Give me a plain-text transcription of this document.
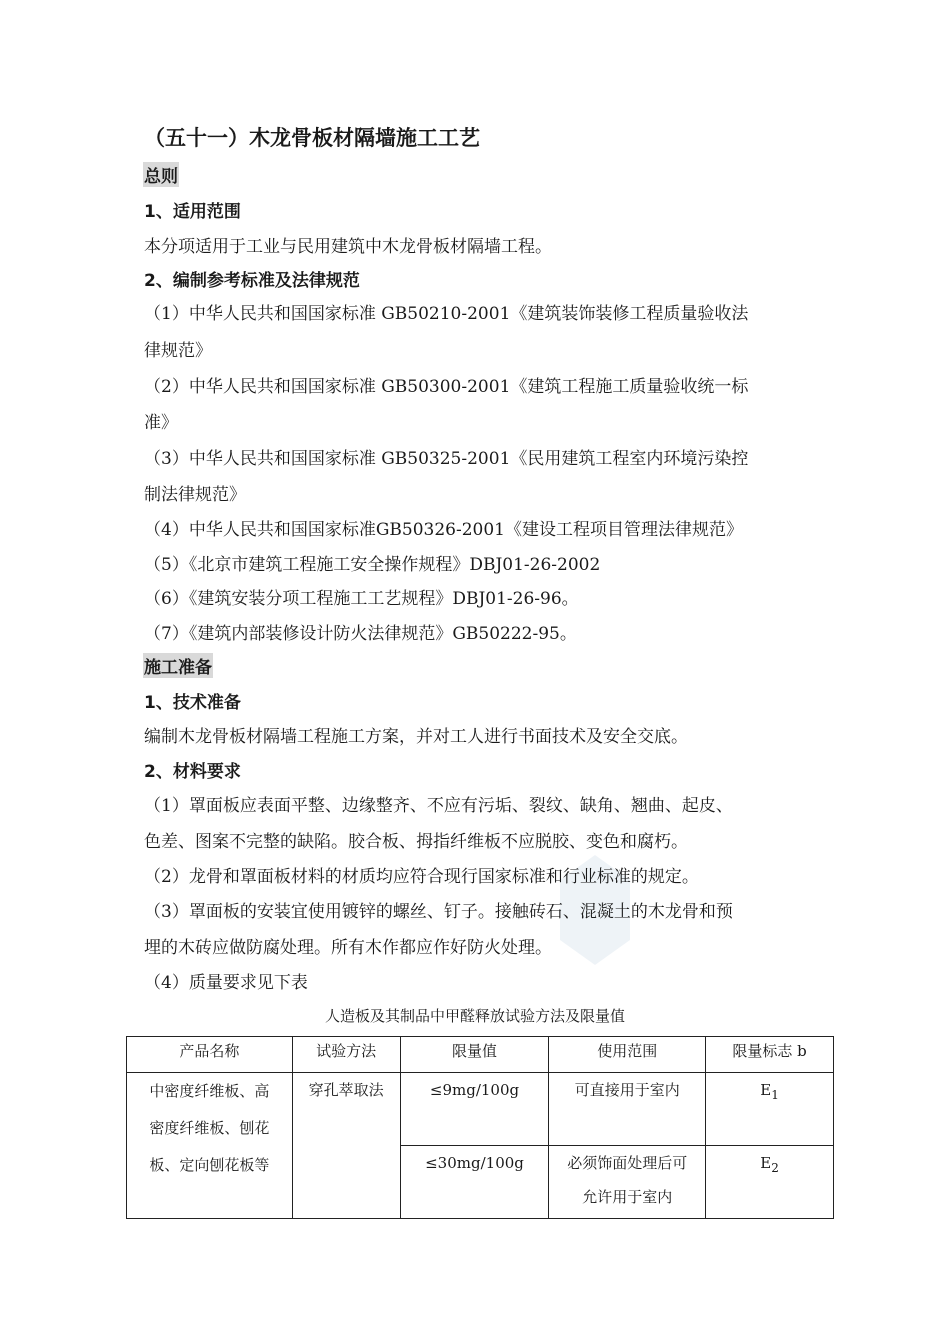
（五十一）木龙骨板材隔墙施工工艺
总则
1、适用范围
本分项适用于工业与民用建筑中木龙骨板材隔墙工程。
2、编制参考标准及法律规范
（1）中华人民共和国国家标准 GB50210-2001《建筑装饰装修工程质量验收法
律规范》
（2）中华人民共和国国家标准 GB50300-2001《建筑工程施工质量验收统一标
准》
（3）中华人民共和国国家标准 GB50325-2001《民用建筑工程室内环境污染控
制法律规范》
（4）中华人民共和国国家标准GB50326-2001《建设工程项目管理法律规范》
（5）《北京市建筑工程施工安全操作规程》DBJ01-26-2002
（6）《建筑安装分项工程施工工艺规程》DBJ01-26-96。
（7）《建筑内部装修设计防火法律规范》GB50222-95。
施工准备
1、技术准备
编制木龙骨板材隔墙工程施工方案，并对工人进行书面技术及安全交底。
2、材料要求
（1）罩面板应表面平整、边缘整齐、不应有污垢、裂纹、缺角、翘曲、起皮、
色差、图案不完整的缺陷。胶合板、拇指纤维板不应脱胶、变色和腐朽。
（2）龙骨和罩面板材料的材质均应符合现行国家标准和行业标准的规定。
（3）罩面板的安装宜使用镀锌的螺丝、钉子。接触砖石、混凝土的木龙骨和预
埋的木砖应做防腐处理。所有木作都应作好防火处理。
（4）质量要求见下表
人造板及其制品中甲醛释放试验方法及限量值
产品名称	试验方法	限量值	使用范围	限量标志 b

中密度纤维板、高
密度纤维板、刨花
板、定向刨花板等	穿孔萃取法	≤9mg/100g	可直接用于室内	$E_1$
		≤30mg/100g	必须饰面处理后可
允许用于室内	$E_2$
